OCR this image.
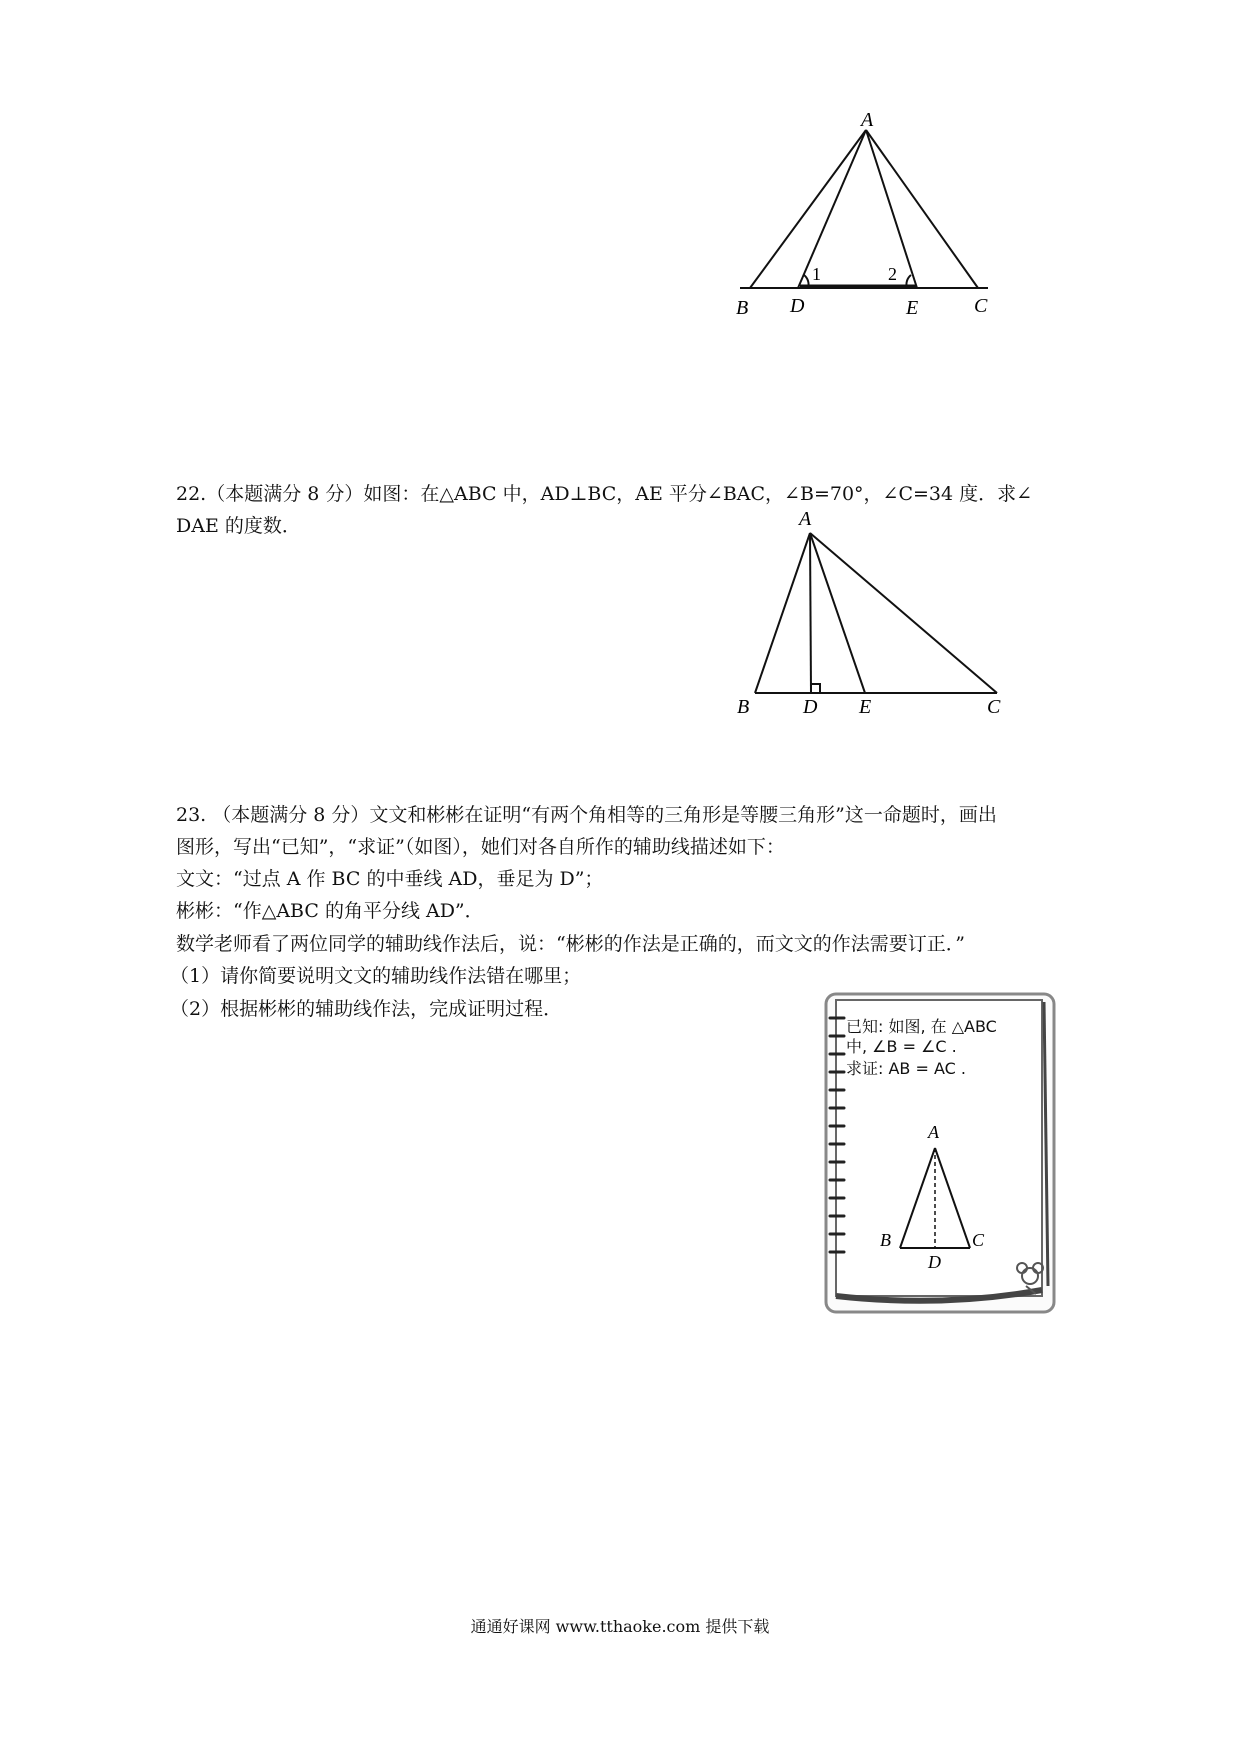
A
B D	E	C
1	2
22.（本题满分 8 分）如图：在△ABC 中，AD⊥BC，AE 平分∠BAC，∠B=70°，∠C=34 度．求∠
DAE 的度数．	A
B	D E	C
23. （本题满分 8 分）文文和彬彬在证明“有两个角相等的三角形是等腰三角形”这一命题时，画出
图形，写出“已知”，“求证”（如图），她们对各自所作的辅助线描述如下：
文文：“过点 A 作 BC 的中垂线 AD，垂足为 D”；
彬彬：“作△ABC 的角平分线 AD”．
数学老师看了两位同学的辅助线作法后，说：“彬彬的作法是正确的，而文文的作法需要订正．”
（1）请你简要说明文文的辅助线作法错在哪里；
（2）根据彬彬的辅助线作法，完成证明过程．
A
B	C
D
已知: 如图, 在 △ABC
中, ∠B = ∠C .
求证: AB = AC .
通通好课网 www.tthaoke.com 提供下载
